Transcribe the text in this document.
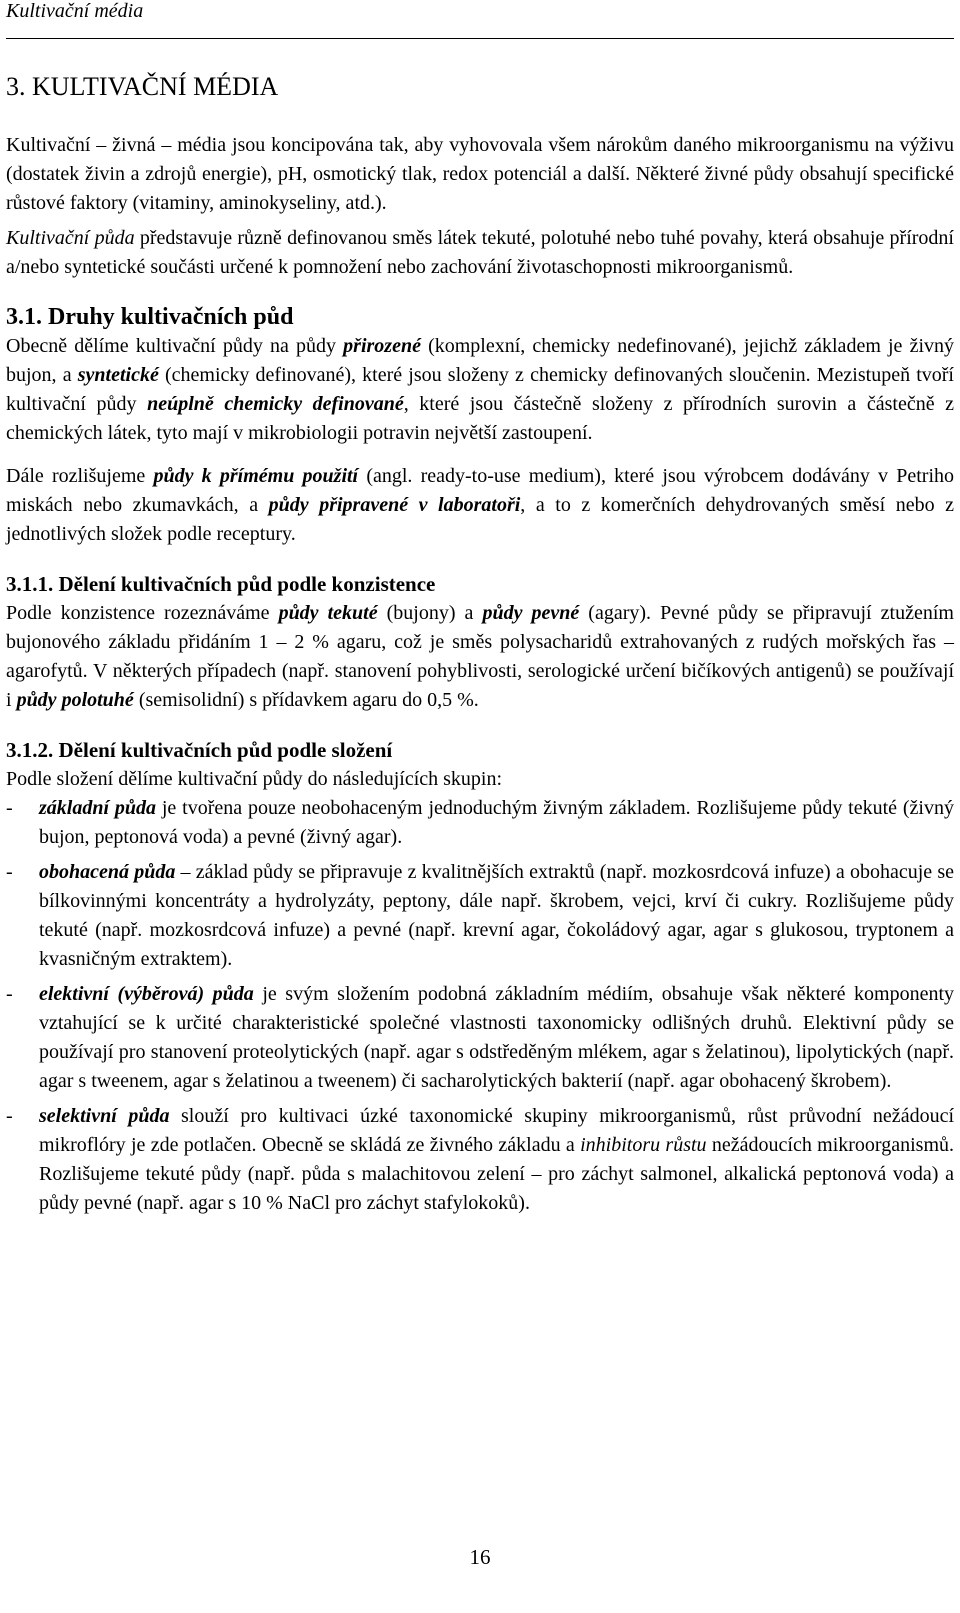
Kultivační média
3. KULTIVAČNÍ MÉDIA

Kultivační – živná – média jsou koncipována tak, aby vyhovovala všem nárokům daného mikroorganismu na výživu (dostatek živin a zdrojů energie), pH, osmotický tlak, redox potenciál a další. Některé živné půdy obsahují specifické růstové faktory (vitaminy, aminokyseliny, atd.).

Kultivační půda představuje různě definovanou směs látek tekuté, polotuhé nebo tuhé povahy, která obsahuje přírodní a/nebo syntetické součásti určené k pomnožení nebo zachování životaschopnosti mikroorganismů.

3.1. Druhy kultivačních půd

Obecně dělíme kultivační půdy na půdy přirozené (komplexní, chemicky nedefinované), jejichž základem je živný bujon, a syntetické (chemicky definované), které jsou složeny z chemicky definovaných sloučenin. Mezistupeň tvoří kultivační půdy neúplně chemicky definované, které jsou částečně složeny z přírodních surovin a částečně z chemických látek, tyto mají v mikrobiologii potravin největší zastoupení.

Dále rozlišujeme půdy k přímému použití (angl. ready-to-use medium), které jsou výrobcem dodávány v Petriho miskách nebo zkumavkách, a půdy připravené v laboratoři, a to z komerčních dehydrovaných směsí nebo z jednotlivých složek podle receptury.

3.1.1. Dělení kultivačních půd podle konzistence

Podle konzistence rozeznáváme půdy tekuté (bujony) a půdy pevné (agary). Pevné půdy se připravují ztužením bujonového základu přidáním 1 – 2 % agaru, což je směs polysacharidů extrahovaných z rudých mořských řas – agarofytů. V některých případech (např. stanovení pohyblivosti, serologické určení bičíkových antigenů) se používají i půdy polotuhé (semisolidní) s přídavkem agaru do 0,5 %.

3.1.2. Dělení kultivačních půd podle složení

Podle složení dělíme kultivační půdy do následujících skupin:

- základní půda je tvořena pouze neobohaceným jednoduchým živným základem. Rozlišujeme půdy tekuté (živný bujon, peptonová voda) a pevné (živný agar).
- obohacená půda – základ půdy se připravuje z kvalitnějších extraktů (např. mozkosrdcová infuze) a obohacuje se bílkovinnými koncentráty a hydrolyzáty, peptony, dále např. škrobem, vejci, krví či cukry. Rozlišujeme půdy tekuté (např. mozkosrdcová infuze) a pevné (např. krevní agar, čokoládový agar, agar s glukosou, tryptonem a kvasničným extraktem).
- elektivní (výběrová) půda je svým složením podobná základním médiím, obsahuje však některé komponenty vztahující se k určité charakteristické společné vlastnosti taxonomicky odlišných druhů. Elektivní půdy se používají pro stanovení proteolytických (např. agar s odstředěným mlékem, agar s želatinou), lipolytických (např. agar s tweenem, agar s želatinou a tweenem) či sacharolytických bakterií (např. agar obohacený škrobem).
- selektivní půda slouží pro kultivaci úzké taxonomické skupiny mikroorganismů, růst průvodní nežádoucí mikroflóry je zde potlačen. Obecně se skládá ze živného základu a inhibitoru růstu nežádoucích mikroorganismů. Rozlišujeme tekuté půdy (např. půda s malachitovou zelení – pro záchyt salmonel, alkalická peptonová voda) a půdy pevné (např. agar s 10 % NaCl pro záchyt stafylokoků).
16
